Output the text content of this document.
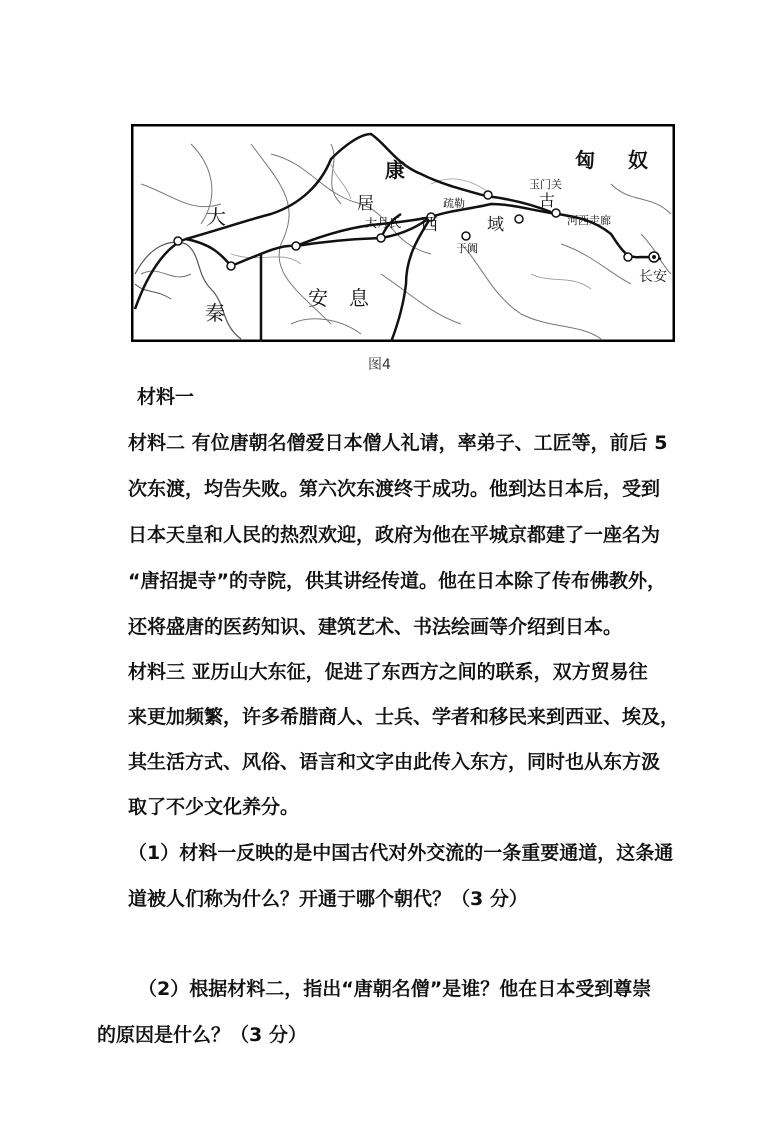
康
居
匈 奴
大
秦
安 息
西	域
大月氏
疏勒
于阗
玉门关
河西走廊
长安
古
图4
材料一
材料二 有位唐朝名僧爱日本僧人礼请，率弟子、工匠等，前后 5
次东渡，均告失败。第六次东渡终于成功。他到达日本后，受到
日本天皇和人民的热烈欢迎，政府为他在平城京都建了一座名为
“唐招提寺”的寺院，供其讲经传道。他在日本除了传布佛教外，
还将盛唐的医药知识、建筑艺术、书法绘画等介绍到日本。
材料三 亚历山大东征，促进了东西方之间的联系，双方贸易往
来更加频繁，许多希腊商人、士兵、学者和移民来到西亚、埃及，
其生活方式、风俗、语言和文字由此传入东方，同时也从东方汲
取了不少文化养分。
（1）材料一反映的是中国古代对外交流的一条重要通道，这条通
道被人们称为什么？开通于哪个朝代？（3 分）
（2）根据材料二，指出“唐朝名僧”是谁？他在日本受到尊崇
的原因是什么？（3 分）
